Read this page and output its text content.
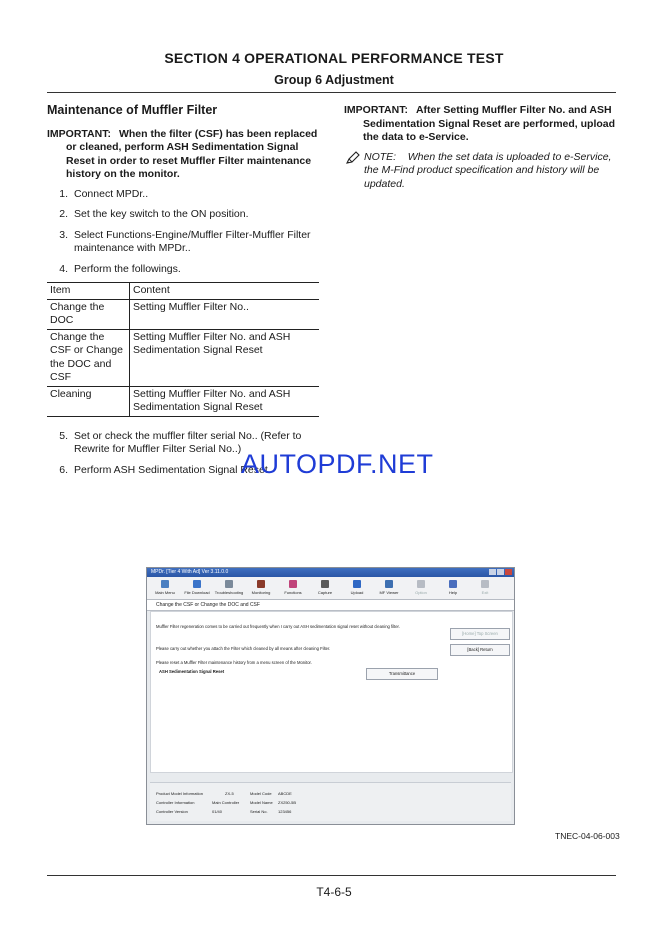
SECTION 4 OPERATIONAL PERFORMANCE TEST
Group 6 Adjustment
Maintenance of Muffler Filter
IMPORTANT: When the filter (CSF) has been replaced or cleaned, perform ASH Sedimentation Signal Reset in order to reset Muffler Filter maintenance history on the monitor.
1. Connect MPDr..
2. Set the key switch to the ON position.
3. Select Functions-Engine/Muffler Filter-Muffler Filter maintenance with MPDr..
4. Perform the followings.
Item	Content
Change the DOC	Setting Muffler Filter No..
Change the CSF or Change the DOC and CSF	Setting Muffler Filter No. and ASH Sedimentation Signal Reset
Cleaning	Setting Muffler Filter No. and ASH Sedimentation Signal Reset
5. Set or check the muffler filter serial No.. (Refer to Rewrite for Muffler Filter Serial No..)
6. Perform ASH Sedimentation Signal Reset.
IMPORTANT: After Setting Muffler Filter No. and ASH Sedimentation Signal Reset are performed, upload the data to e-Service.
NOTE: When the set data is uploaded to e-Service, the M-Find product specification and history will be updated.
AUTOPDF.NET
MPDr. [Tier 4 With Ad] Ver 3.11.0.0
Main Menu File Download Troubleshooting Monitoring	Functions	Capture	Upload	MF Viewer	Option	Help	Exit
Change the CSF or Change the DOC and CSF
Muffler Filter regeneration comes to be carried out frequently when I carry out ASH sedimentation signal reset without cleaning filter.
Please carry out whether you attach the Filter which cleaned by all means after cleaning Filter.
Please reset a Muffler Filter maintenance history from a menu screen of the Monitor.
ASH Sedimentation Signal Reset	Transmittance
[Home] Top Screen
[Back] Return
Product Model Information	ZX-5	Model Code ABCDE
Controller Information	Main Controller	Model Name ZX250-5B
Controller Version	01/40	Serial No.	123456
TNEC-04-06-003
T4-6-5
